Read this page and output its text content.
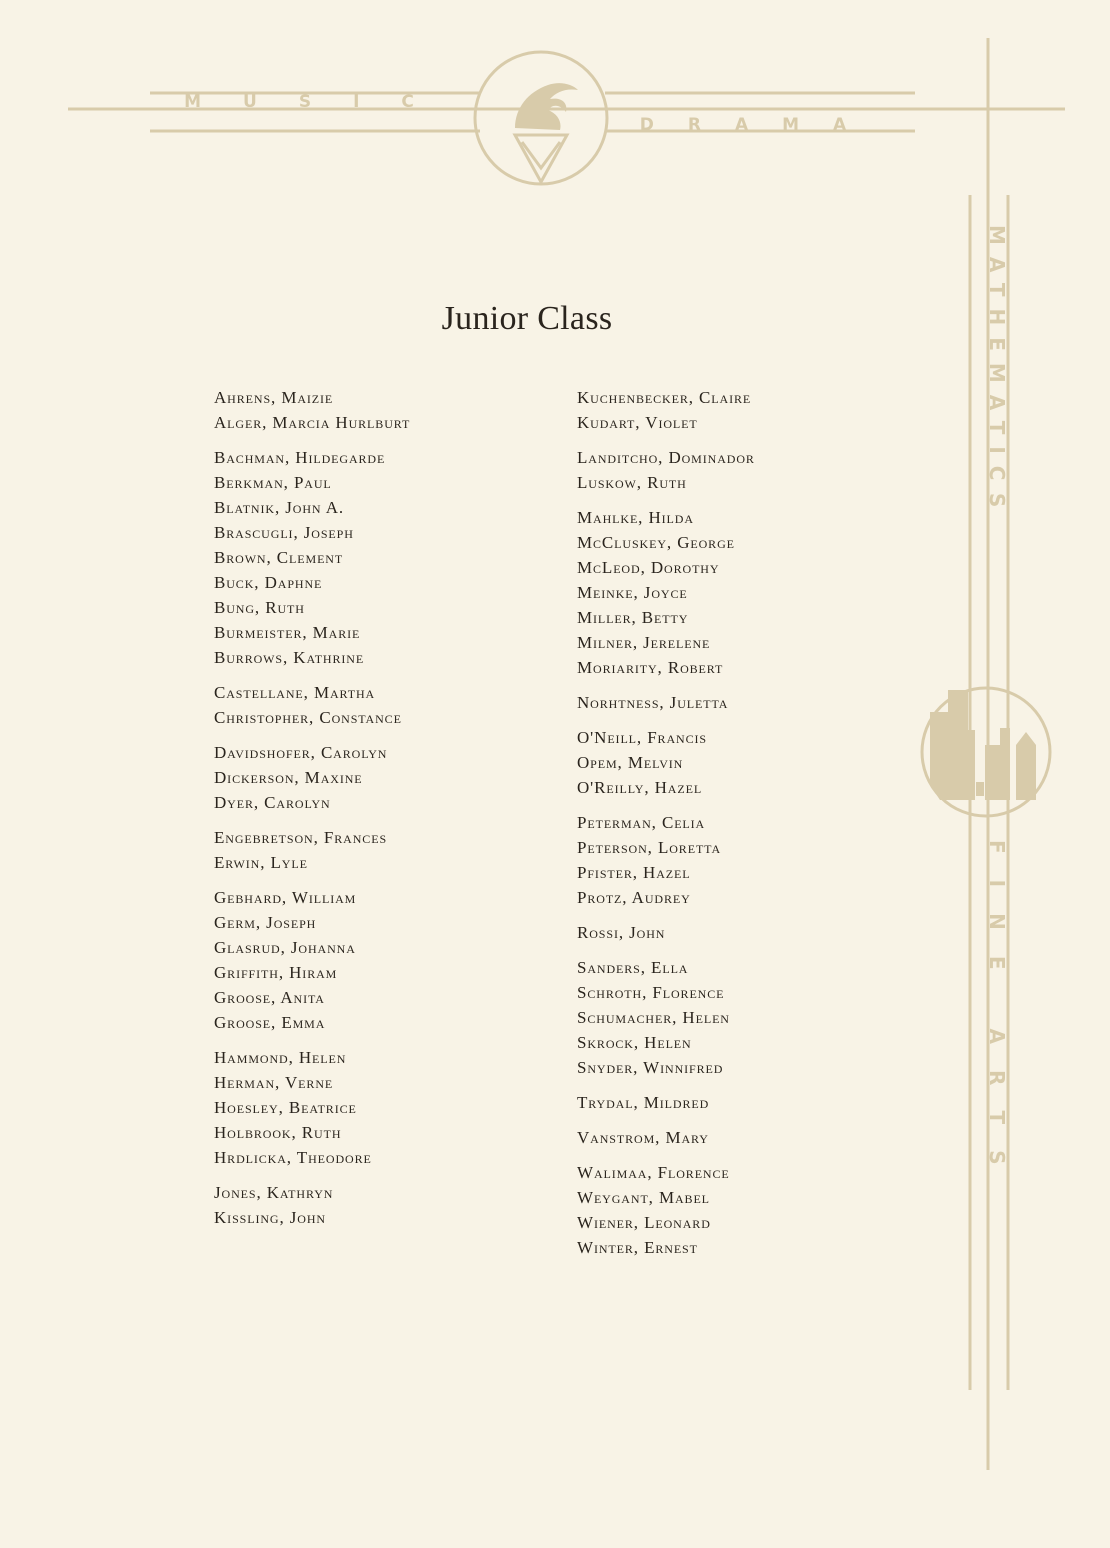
MUSIC
DRAMA
MATHEMATICS
FINE ARTS
Junior Class
Ahrens, Maizie
Alger, Marcia Hurlburt
Bachman, Hildegarde
Berkman, Paul
Blatnik, John A.
Brascugli, Joseph
Brown, Clement
Buck, Daphne
Bung, Ruth
Burmeister, Marie
Burrows, Kathrine
Castellane, Martha
Christopher, Constance
Davidshofer, Carolyn
Dickerson, Maxine
Dyer, Carolyn
Engebretson, Frances
Erwin, Lyle
Gebhard, William
Germ, Joseph
Glasrud, Johanna
Griffith, Hiram
Groose, Anita
Groose, Emma
Hammond, Helen
Herman, Verne
Hoesley, Beatrice
Holbrook, Ruth
Hrdlicka, Theodore
Jones, Kathryn
Kissling, John
Kuchenbecker, Claire
Kudart, Violet
Landitcho, Dominador
Luskow, Ruth
Mahlke, Hilda
McCluskey, George
McLeod, Dorothy
Meinke, Joyce
Miller, Betty
Milner, Jerelene
Moriarity, Robert
Norhtness, Juletta
O'Neill, Francis
Opem, Melvin
O'Reilly, Hazel
Peterman, Celia
Peterson, Loretta
Pfister, Hazel
Protz, Audrey
Rossi, John
Sanders, Ella
Schroth, Florence
Schumacher, Helen
Skrock, Helen
Snyder, Winnifred
Trydal, Mildred
Vanstrom, Mary
Walimaa, Florence
Weygant, Mabel
Wiener, Leonard
Winter, Ernest
